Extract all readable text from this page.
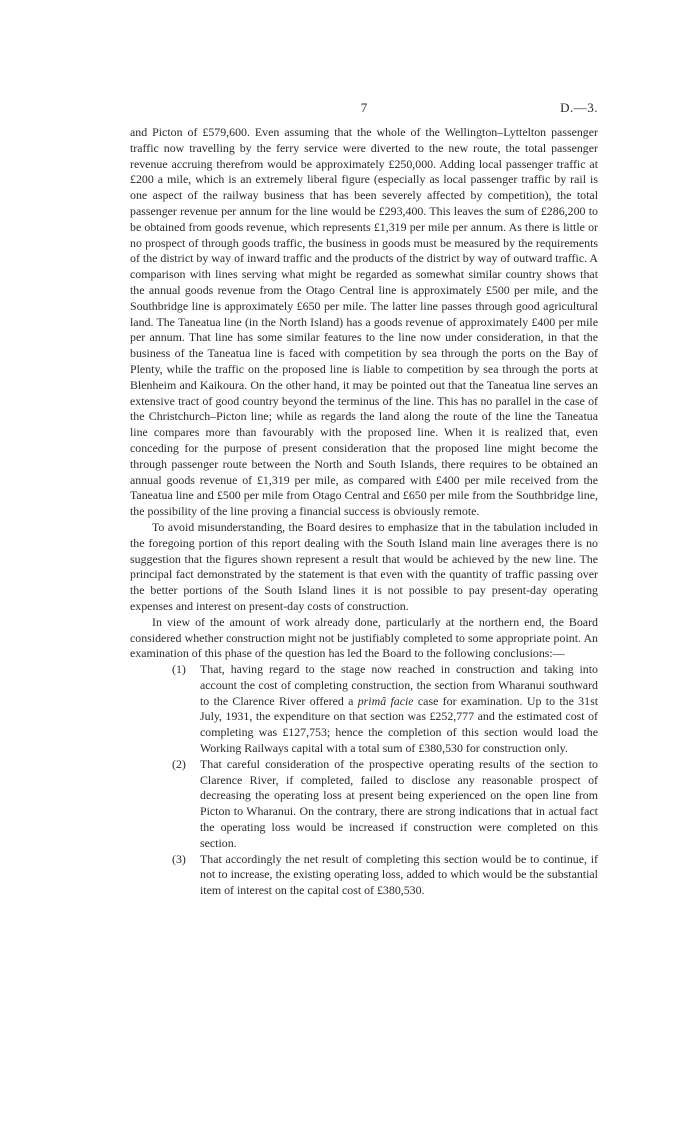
7	D.—3.

and Picton of £579,600. Even assuming that the whole of the Wellington–Lyttelton passenger traffic now travelling by the ferry service were diverted to the new route, the total passenger revenue accruing therefrom would be approximately £250,000. Adding local passenger traffic at £200 a mile, which is an extremely liberal figure (especially as local passenger traffic by rail is one aspect of the railway business that has been severely affected by competition), the total passenger revenue per annum for the line would be £293,400. This leaves the sum of £286,200 to be obtained from goods revenue, which represents £1,319 per mile per annum. As there is little or no prospect of through goods traffic, the business in goods must be measured by the requirements of the district by way of inward traffic and the products of the district by way of outward traffic. A comparison with lines serving what might be regarded as somewhat similar country shows that the annual goods revenue from the Otago Central line is approximately £500 per mile, and the Southbridge line is approximately £650 per mile. The latter line passes through good agricultural land. The Taneatua line (in the North Island) has a goods revenue of approximately £400 per mile per annum. That line has some similar features to the line now under consideration, in that the business of the Taneatua line is faced with competition by sea through the ports on the Bay of Plenty, while the traffic on the proposed line is liable to competition by sea through the ports at Blenheim and Kaikoura. On the other hand, it may be pointed out that the Taneatua line serves an extensive tract of good country beyond the terminus of the line. This has no parallel in the case of the Christchurch–Picton line; while as regards the land along the route of the line the Taneatua line compares more than favourably with the proposed line. When it is realized that, even conceding for the purpose of present consideration that the proposed line might become the through passenger route between the North and South Islands, there requires to be obtained an annual goods revenue of £1,319 per mile, as compared with £400 per mile received from the Taneatua line and £500 per mile from Otago Central and £650 per mile from the Southbridge line, the possibility of the line proving a financial success is obviously remote.

To avoid misunderstanding, the Board desires to emphasize that in the tabulation included in the foregoing portion of this report dealing with the South Island main line averages there is no suggestion that the figures shown represent a result that would be achieved by the new line. The principal fact demonstrated by the statement is that even with the quantity of traffic passing over the better portions of the South Island lines it is not possible to pay present-day operating expenses and interest on present-day costs of construction.

In view of the amount of work already done, particularly at the northern end, the Board considered whether construction might not be justifiably completed to some appropriate point. An examination of this phase of the question has led the Board to the following conclusions:—

(1)	That, having regard to the stage now reached in construction and taking into account the cost of completing construction, the section from Wharanui southward to the Clarence River offered a primâ facie case for examination. Up to the 31st July, 1931, the expenditure on that section was £252,777 and the estimated cost of completing was £127,753; hence the completion of this section would load the Working Railways capital with a total sum of £380,530 for construction only.
(2)	That careful consideration of the prospective operating results of the section to Clarence River, if completed, failed to disclose any reasonable prospect of decreasing the operating loss at present being experienced on the open line from Picton to Wharanui. On the contrary, there are strong indications that in actual fact the operating loss would be increased if construction were completed on this section.
(3)	That accordingly the net result of completing this section would be to continue, if not to increase, the existing operating loss, added to which would be the substantial item of interest on the capital cost of £380,530.
